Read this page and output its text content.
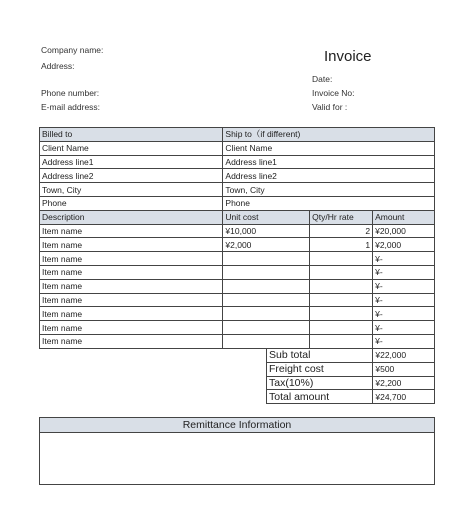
Company name:
Address:
Phone number:
E-mail address:
Invoice
Date:
Invoice No:
Valid for :
Billed to	Ship to（if different)		
Client Name	Client Name		
Address line1	Address line1		
Address line2	Address line2		
Town, City	Town, City		
Phone	Phone		
Description	Unit cost	Qty/Hr rate	Amount
Item name	¥10,000	2	¥20,000
Item name	¥2,000	1	¥2,000
Item name			¥-
Item name			¥-
Item name			¥-
Item name			¥-
Item name			¥-
Item name			¥-
Item name			¥-
Sub total	¥22,000
Freight cost	¥500
Tax(10%)	¥2,200
Total amount	¥24,700
Remittance Information
